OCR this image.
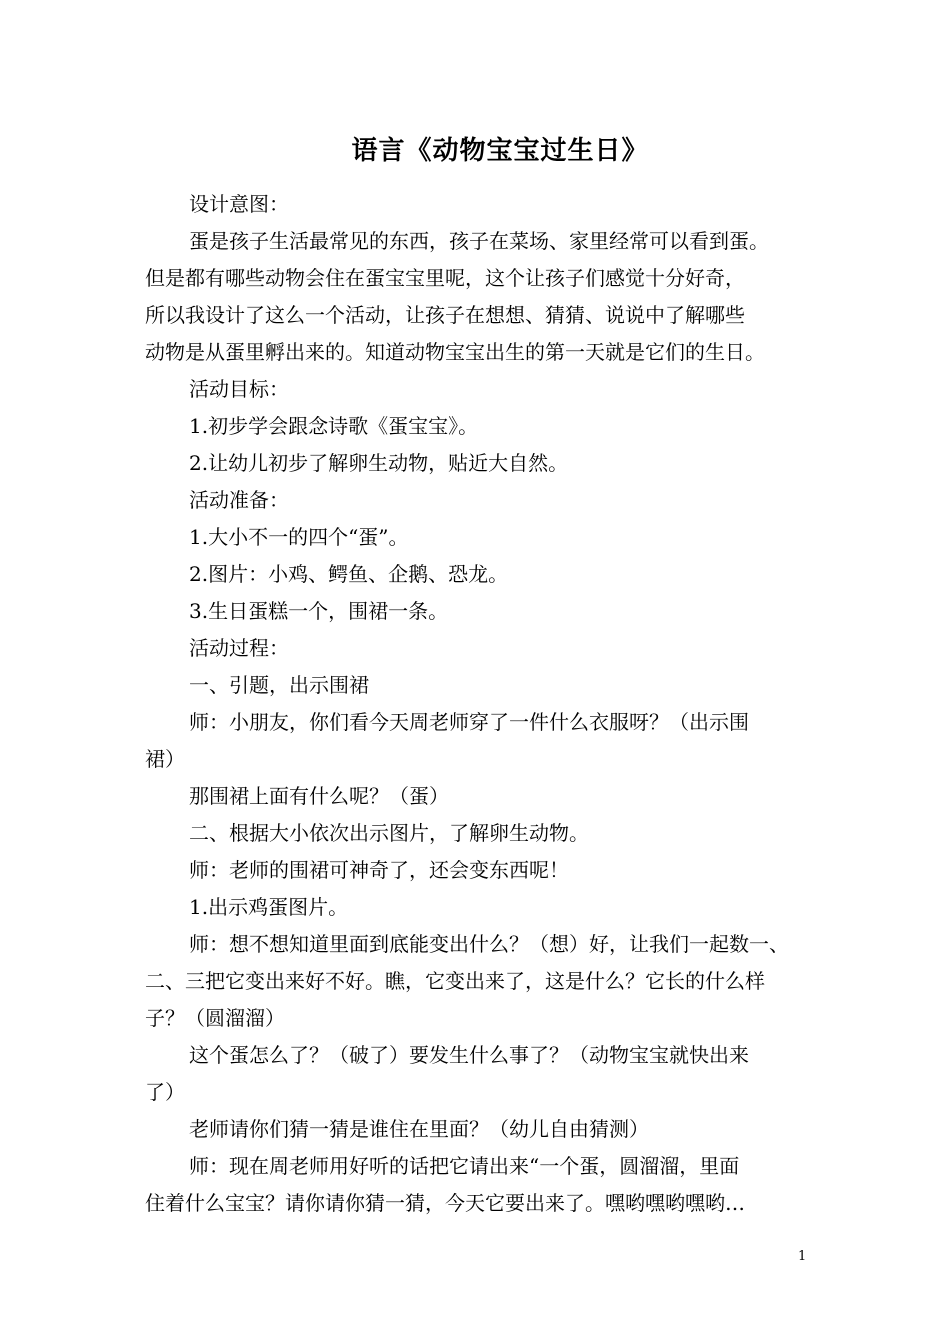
语言《动物宝宝过生日》

设计意图：

蛋是孩子生活最常见的东西，孩子在菜场、家里经常可以看到蛋。

但是都有哪些动物会住在蛋宝宝里呢，这个让孩子们感觉十分好奇，

所以我设计了这么一个活动，让孩子在想想、猜猜、说说中了解哪些

动物是从蛋里孵出来的。知道动物宝宝出生的第一天就是它们的生日。

活动目标：

1.初步学会跟念诗歌《蛋宝宝》。

2.让幼儿初步了解卵生动物，贴近大自然。

活动准备：

1.大小不一的四个“蛋”。

2.图片：小鸡、鳄鱼、企鹅、恐龙。

3.生日蛋糕一个，围裙一条。

活动过程：

一、引题，出示围裙

师：小朋友，你们看今天周老师穿了一件什么衣服呀？（出示围

裙）

那围裙上面有什么呢？（蛋）

二、根据大小依次出示图片，了解卵生动物。

师：老师的围裙可神奇了，还会变东西呢！

1.出示鸡蛋图片。

师：想不想知道里面到底能变出什么？（想）好，让我们一起数一、

二、三把它变出来好不好。瞧，它变出来了，这是什么？它长的什么样

子？（圆溜溜）

这个蛋怎么了？（破了）要发生什么事了？（动物宝宝就快出来

了）

老师请你们猜一猜是谁住在里面？（幼儿自由猜测）

师：现在周老师用好听的话把它请出来“一个蛋，圆溜溜，里面

住着什么宝宝？请你请你猜一猜，今天它要出来了。嘿哟嘿哟嘿哟…

1
